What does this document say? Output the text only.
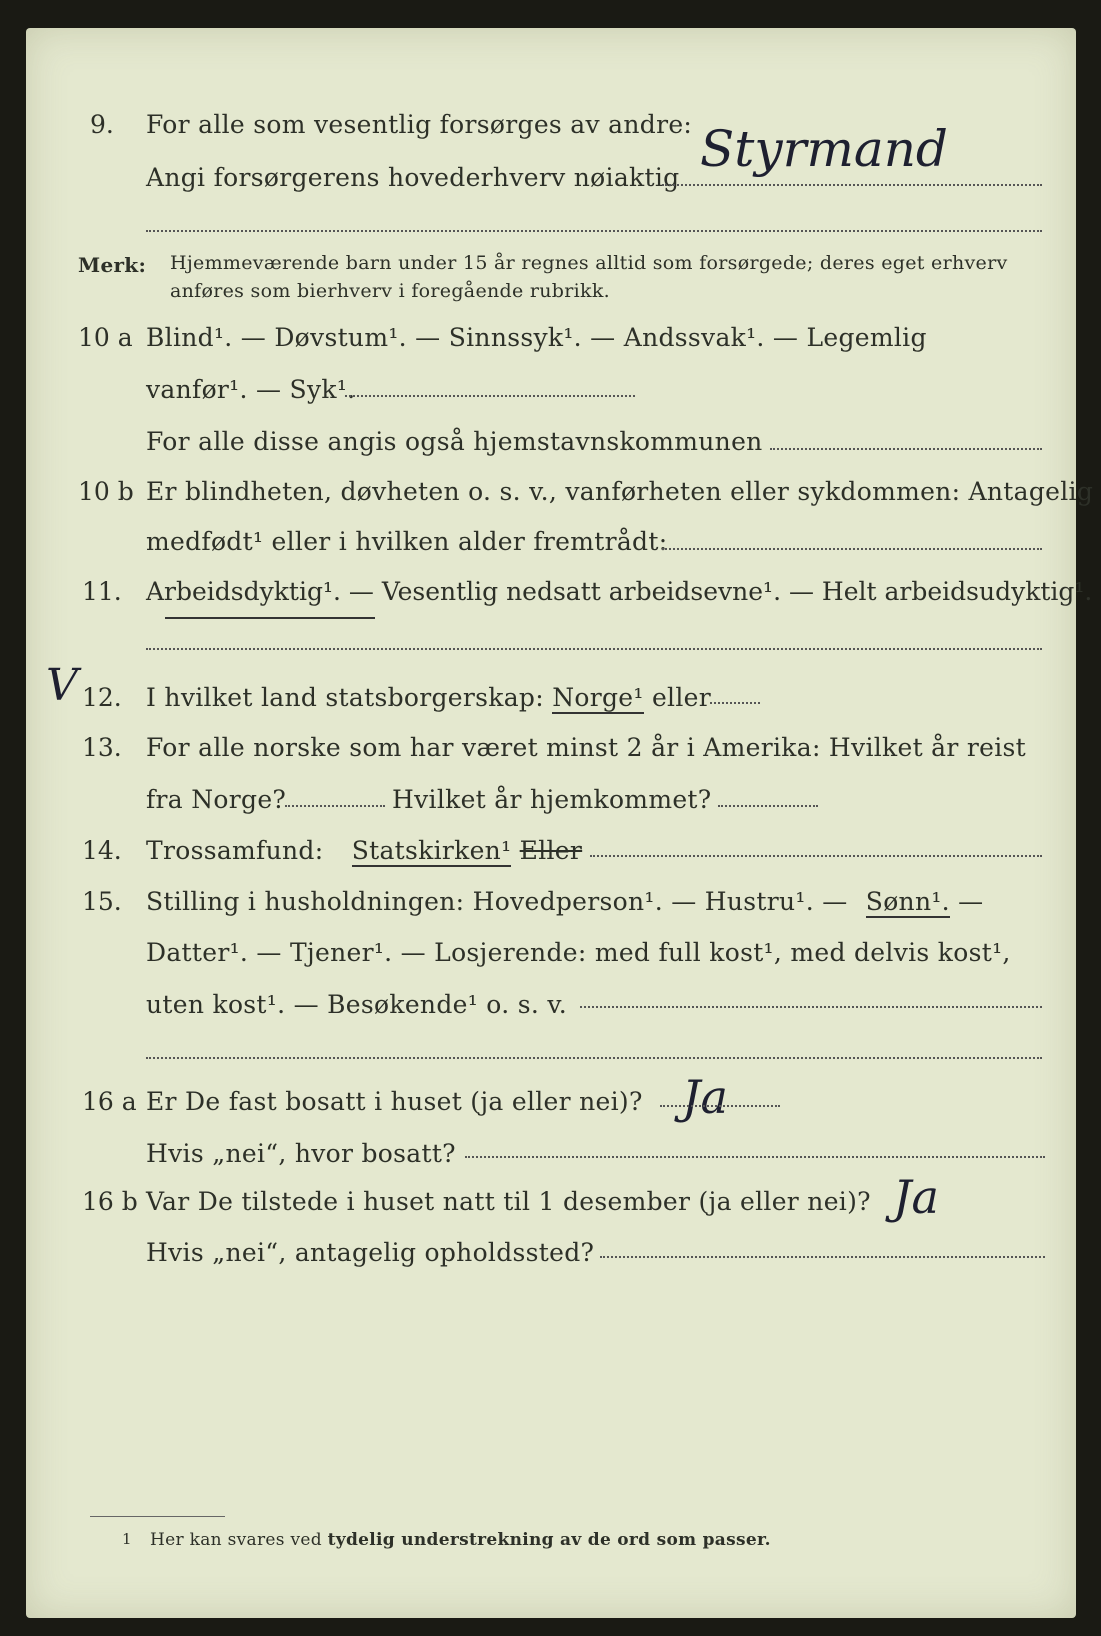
9. For alle som vesentlig forsørges av andre: Styrmand
Angi forsørgerens hovederhverv nøiaktig
Merk: Hjemmeværende barn under 15 år regnes alltid som forsørgede; deres eget erhverv
anføres som bierhverv i foregående rubrikk.
10 a Blind¹. — Døvstum¹. — Sinnssyk¹. — Andssvak¹. — Legemlig
vanfør¹. — Syk¹.
For alle disse angis også hjemstavnskommunen
10 b Er blindheten, døvheten o. s. v., vanførheten eller sykdommen: Antagelig
medfødt¹ eller i hvilken alder fremtrådt:
11. Arbeidsdyktig¹. — Vesentlig nedsatt arbeidsevne¹. — Helt arbeidsudyktig¹.
V 12. I hvilket land statsborgerskap: Norge¹ eller
13. For alle norske som har været minst 2 år i Amerika: Hvilket år reist
fra Norge?	Hvilket år hjemkommet?
14. Trossamfund: Statskirken¹ Eller
15. Stilling i husholdningen: Hovedperson¹. — Hustru¹. — Sønn¹. —
Datter¹. — Tjener¹. — Losjerende: med full kost¹, med delvis kost¹,
uten kost¹. — Besøkende¹ o. s. v.
16 a Er De fast bosatt i huset (ja eller nei)? Ja
Hvis „nei“, hvor bosatt?
16 b Var De tilstede i huset natt til 1 desember (ja eller nei)? Ja
Hvis „nei“, antagelig opholdssted?
1 Her kan svares ved tydelig understrekning av de ord som passer.
